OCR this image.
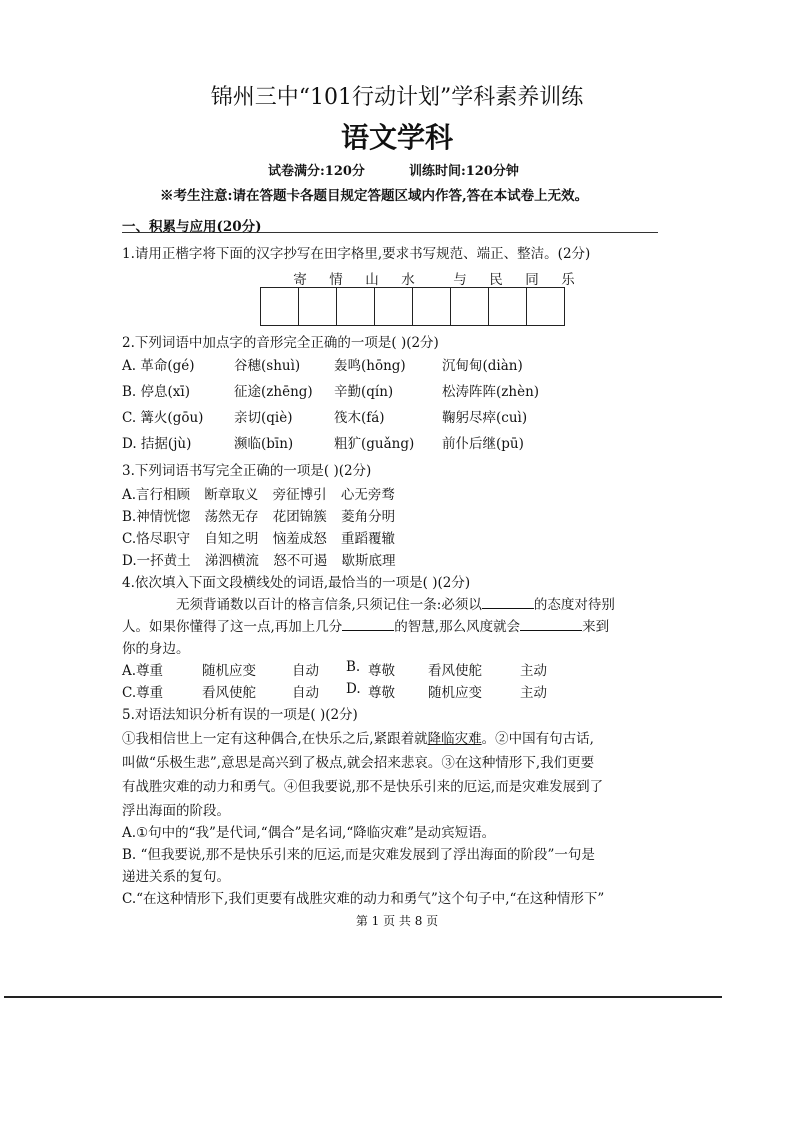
锦州三中“101行动计划”学科素养训练
语文学科
试卷满分:120分	训练时间:120分钟
※考生注意:请在答题卡各题目规定答题区域内作答,答在本试卷上无效。
一、积累与应用(20分)
1.请用正楷字将下面的汉字抄写在田字格里,要求书写规范、端正、整洁。(2分)
寄	情	山	水	与	民	同	乐
2.下列词语中加点字的音形完全正确的一项是( )(2分)
A. 革命(gé)	谷穗(shuì)	轰鸣(hōng)	沉甸甸(diàn)
B. 停息(xī)	征途(zhēng)	辛勤(qín)	松涛阵阵(zhèn)
C. 篝火(gōu)	亲切(qiè)	筏木(fá)	鞠躬尽瘁(cuì)
D. 拮据(jù)	濒临(bīn)	粗犷(guǎng)	前仆后继(pū)
3.下列词语书写完全正确的一项是( )(2分)
A.言行相顾 断章取义 旁征博引 心无旁骛
B.神情恍惚 荡然无存 花团锦簇 菱角分明
C.恪尽职守 自知之明 恼羞成怒 重蹈覆辙
D.一抔黄土 涕泗横流 怒不可遏 歇斯底理
4.依次填入下面文段横线处的词语,最恰当的一项是( )(2分)
无须背诵数以百计的格言信条,只须记住一条:必须以	的态度对待别
人。如果你懂得了这一点,再加上几分	的智慧,那么风度就会	来到
你的身边。
A.尊重	随机应变	自动	B. 尊敬	看风使舵	主动
C.尊重	看风使舵	自动	D. 尊敬	随机应变	主动
5.对语法知识分析有误的一项是( )(2分)
①我相信世上一定有这种偶合,在快乐之后,紧跟着就降临灾难。②中国有句古话,
叫做“乐极生悲”,意思是高兴到了极点,就会招来悲哀。③在这种情形下,我们更要
有战胜灾难的动力和勇气。④但我要说,那不是快乐引来的厄运,而是灾难发展到了
浮出海面的阶段。
A.①句中的“我”是代词,“偶合”是名词,“降临灾难”是动宾短语。
B. “但我要说,那不是快乐引来的厄运,而是灾难发展到了浮出海面的阶段”一句是
递进关系的复句。
C.“在这种情形下,我们更要有战胜灾难的动力和勇气”这个句子中,“在这种情形下”
第 1 页 共 8 页
